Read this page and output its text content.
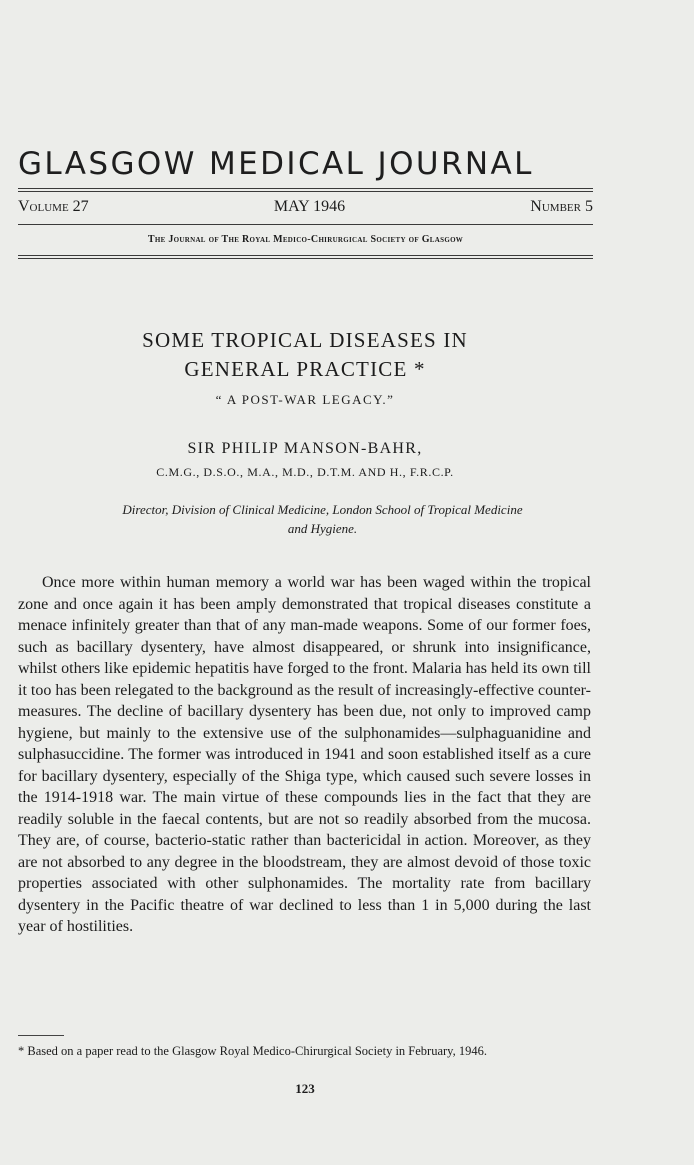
GLASGOW MEDICAL JOURNAL
Volume 27	MAY 1946	Number 5
The Journal of The Royal Medico-Chirurgical Society of Glasgow
SOME TROPICAL DISEASES IN
GENERAL PRACTICE *
“ A POST-WAR LEGACY.”
SIR PHILIP MANSON-BAHR,
C.M.G., D.S.O., M.A., M.D., D.T.M. AND H., F.R.C.P.
Director, Division of Clinical Medicine, London School of Tropical Medicine
and Hygiene.

Once more within human memory a world war has been waged within the tropical zone and once again it has been amply demonstrated that tropical diseases constitute a menace infinitely greater than that of any man-made weapons. Some of our former foes, such as bacillary dysentery, have almost disappeared, or shrunk into insignificance, whilst others like epidemic hepatitis have forged to the front. Malaria has held its own till it too has been relegated to the background as the result of increasingly-effective counter-measures. The decline of bacillary dysentery has been due, not only to improved camp hygiene, but mainly to the extensive use of the sulphonamides—sulphaguanidine and sulphasuccidine. The former was introduced in 1941 and soon established itself as a cure for bacillary dysentery, especially of the Shiga type, which caused such severe losses in the 1914-1918 war. The main virtue of these compounds lies in the fact that they are readily soluble in the faecal contents, but are not so readily absorbed from the mucosa. They are, of course, bacterio-static rather than bactericidal in action. Moreover, as they are not absorbed to any degree in the bloodstream, they are almost devoid of those toxic properties associated with other sulphonamides. The mortality rate from bacillary dysentery in the Pacific theatre of war declined to less than 1 in 5,000 during the last year of hostilities.

* Based on a paper read to the Glasgow Royal Medico-Chirurgical Society in February, 1946.
123
